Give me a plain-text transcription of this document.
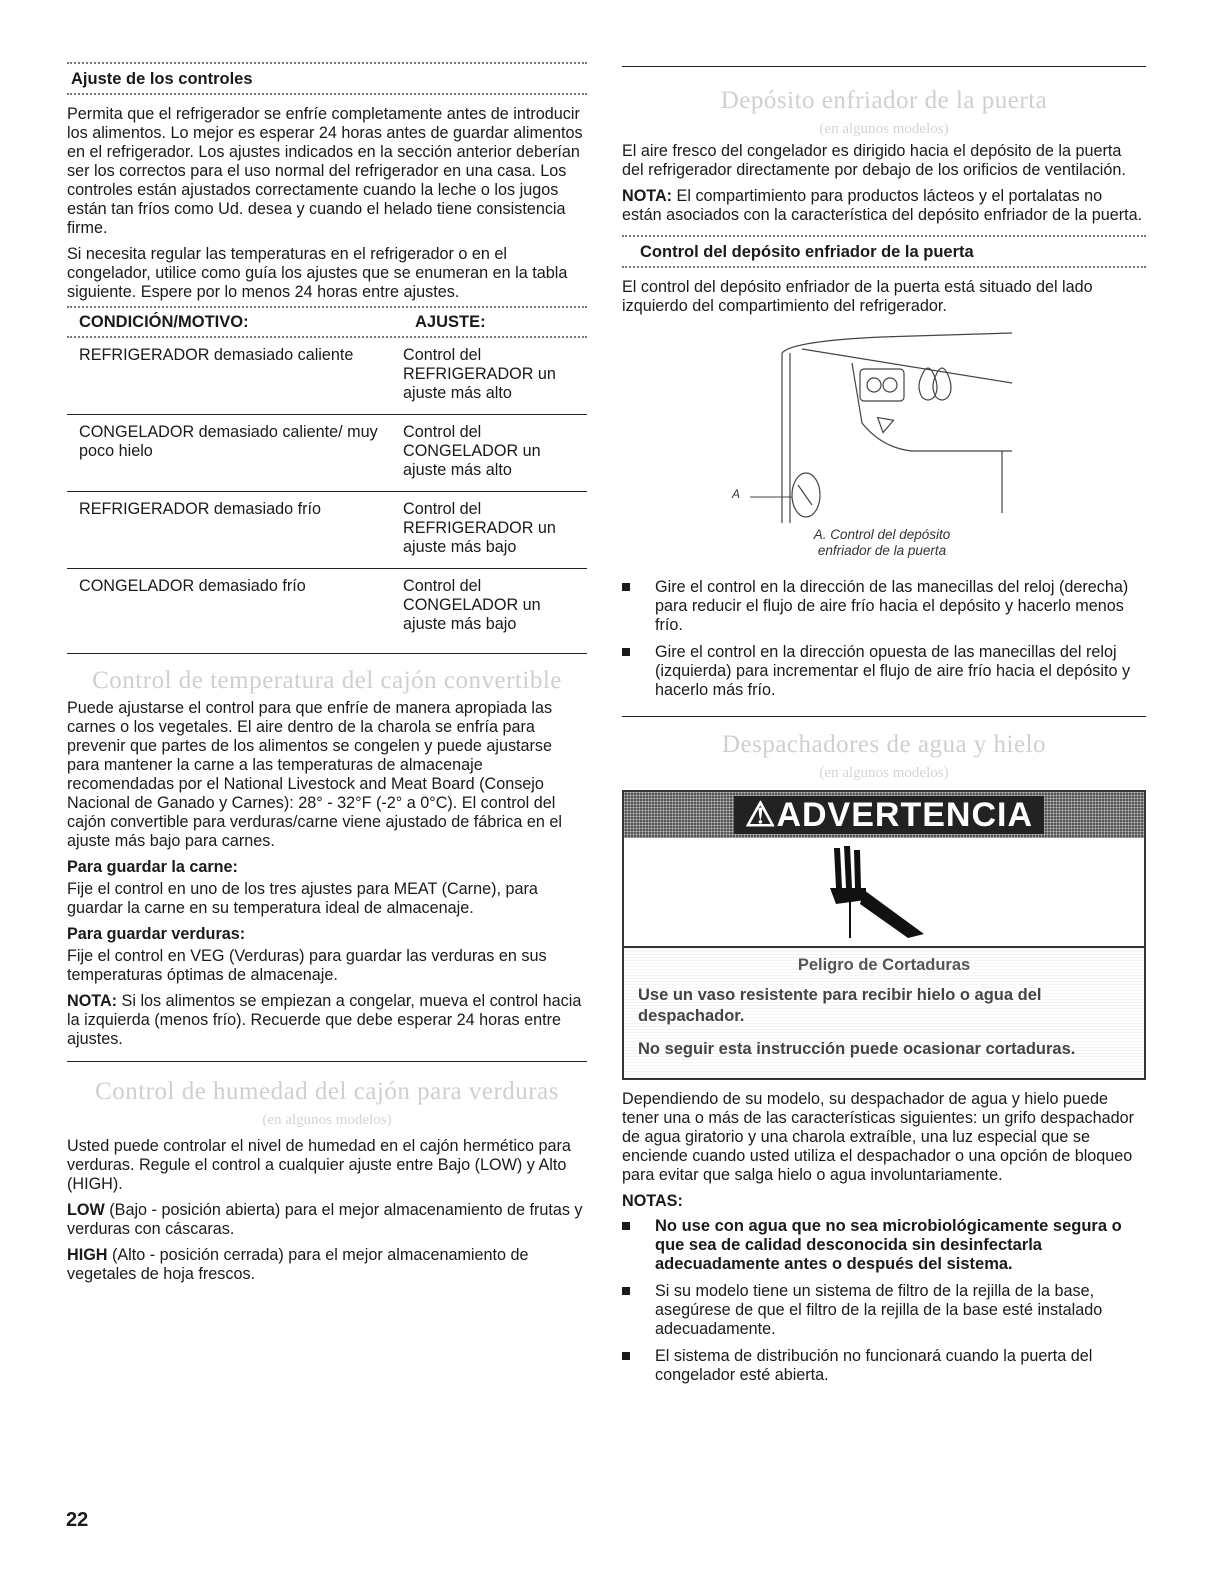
Ajuste de los controles

Permita que el refrigerador se enfríe completamente antes de introducir los alimentos. Lo mejor es esperar 24 horas antes de guardar alimentos en el refrigerador. Los ajustes indicados en la sección anterior deberían ser los correctos para el uso normal del refrigerador en una casa. Los controles están ajustados correctamente cuando la leche o los jugos están tan fríos como Ud. desea y cuando el helado tiene consistencia firme.

Si necesita regular las temperaturas en el refrigerador o en el congelador, utilice como guía los ajustes que se enumeran en la tabla siguiente. Espere por lo menos 24 horas entre ajustes.

CONDICIÓN/MOTIVO:	AJUSTE:
REFRIGERADOR demasiado caliente	Control del REFRIGERADOR un ajuste más alto
CONGELADOR demasiado caliente/ muy poco hielo	Control del CONGELADOR un ajuste más alto
REFRIGERADOR demasiado frío	Control del REFRIGERADOR un ajuste más bajo
CONGELADOR demasiado frío	Control del CONGELADOR un ajuste más bajo
Control de temperatura del cajón convertible

Puede ajustarse el control para que enfríe de manera apropiada las carnes o los vegetales. El aire dentro de la charola se enfría para prevenir que partes de los alimentos se congelen y puede ajustarse para mantener la carne a las temperaturas de almacenaje recomendadas por el National Livestock and Meat Board (Consejo Nacional de Ganado y Carnes): 28° - 32°F (-2° a 0°C). El control del cajón convertible para verduras/carne viene ajustado de fábrica en el ajuste más bajo para carnes.

Para guardar la carne:

Fije el control en uno de los tres ajustes para MEAT (Carne), para guardar la carne en su temperatura ideal de almacenaje.

Para guardar verduras:

Fije el control en VEG (Verduras) para guardar las verduras en sus temperaturas óptimas de almacenaje.

NOTA: Si los alimentos se empiezan a congelar, mueva el control hacia la izquierda (menos frío). Recuerde que debe esperar 24 horas entre ajustes.

Control de humedad del cajón para verduras
(en algunos modelos)

Usted puede controlar el nivel de humedad en el cajón hermético para verduras. Regule el control a cualquier ajuste entre Bajo (LOW) y Alto (HIGH).

LOW (Bajo - posición abierta) para el mejor almacenamiento de frutas y verduras con cáscaras.

HIGH (Alto - posición cerrada) para el mejor almacenamiento de vegetales de hoja frescos.

Depósito enfriador de la puerta
(en algunos modelos)

El aire fresco del congelador es dirigido hacia el depósito de la puerta del refrigerador directamente por debajo de los orificios de ventilación.

NOTA: El compartimiento para productos lácteos y el portalatas no están asociados con la característica del depósito enfriador de la puerta.

Control del depósito enfriador de la puerta

El control del depósito enfriador de la puerta está situado del lado izquierdo del compartimiento del refrigerador.

A
A. Control del depósito
enfriador de la puerta
Gire el control en la dirección de las manecillas del reloj (derecha) para reducir el flujo de aire frío hacia el depósito y hacerlo menos frío.
Gire el control en la dirección opuesta de las manecillas del reloj (izquierda) para incrementar el flujo de aire frío hacia el depósito y hacerlo más frío.
Despachadores de agua y hielo
(en algunos modelos)
⚠ADVERTENCIA
Peligro de Cortaduras

Use un vaso resistente para recibir hielo o agua del despachador.

No seguir esta instrucción puede ocasionar cortaduras.

Dependiendo de su modelo, su despachador de agua y hielo puede tener una o más de las características siguientes: un grifo despachador de agua giratorio y una charola extraíble, una luz especial que se enciende cuando usted utiliza el despachador o una opción de bloqueo para evitar que salga hielo o agua involuntariamente.

NOTAS:

No use con agua que no sea microbiológicamente segura o que sea de calidad desconocida sin desinfectarla adecuadamente antes o después del sistema.
Si su modelo tiene un sistema de filtro de la rejilla de la base, asegúrese de que el filtro de la rejilla de la base esté instalado adecuadamente.
El sistema de distribución no funcionará cuando la puerta del congelador esté abierta.
22
